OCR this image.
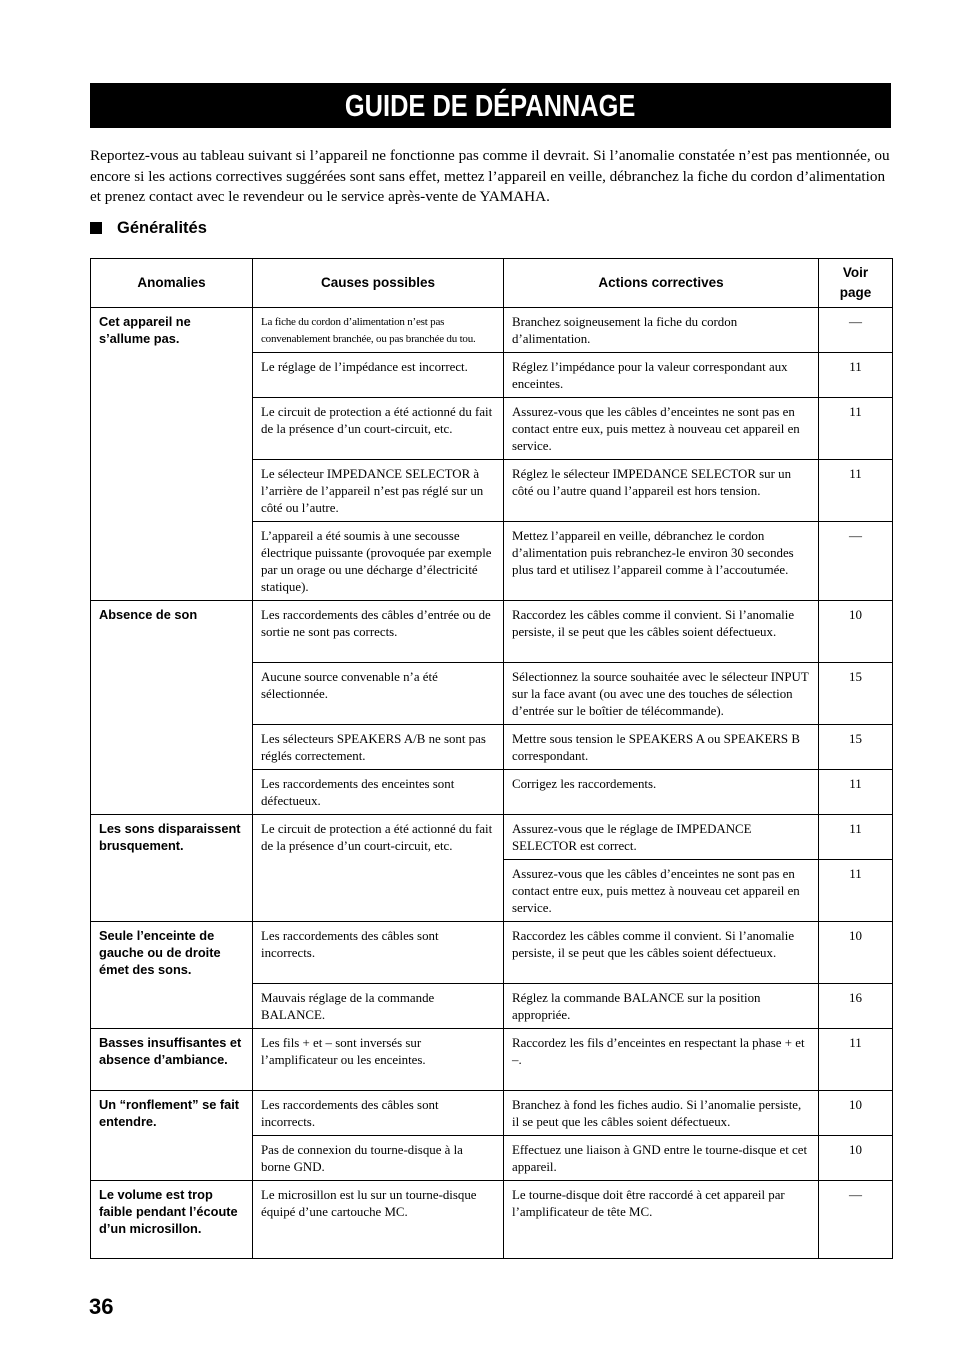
GUIDE DE DÉPANNAGE

Reportez-vous au tableau suivant si l’appareil ne fonctionne pas comme il devrait. Si l’anomalie constatée n’est pas mentionnée, ou encore si les actions correctives suggérées sont sans effet, mettez l’appareil en veille, débranchez la fiche du cordon d’alimentation et prenez contact avec le revendeur ou le service après-vente de YAMAHA.

Généralités
Anomalies	Causes possibles	Actions correctives	Voir
page
Cet appareil ne s’allume pas.	La fiche du cordon d’alimentation n’est pas convenablement branchée, ou pas branchée du tou.	Branchez soigneusement la fiche du cordon d’alimentation.	—
	Le réglage de l’impédance est incorrect.	Réglez l’impédance pour la valeur correspondant aux enceintes.	11
	Le circuit de protection a été actionné du fait de la présence d’un court-circuit, etc.	Assurez-vous que les câbles d’enceintes ne sont pas en contact entre eux, puis mettez à nouveau cet appareil en service.	11
	Le sélecteur IMPEDANCE SELECTOR à l’arrière de l’appareil n’est pas réglé sur un côté ou l’autre.	Réglez le sélecteur IMPEDANCE SELECTOR sur un côté ou l’autre quand l’appareil est hors tension.	11
	L’appareil a été soumis à une secousse électrique puissante (provoquée par exemple par un orage ou une décharge d’électricité statique).	Mettez l’appareil en veille, débranchez le cordon d’alimentation puis rebranchez-le environ 30 secondes plus tard et utilisez l’appareil comme à l’accoutumée.	—
Absence de son	Les raccordements des câbles d’entrée ou de sortie ne sont pas corrects.	Raccordez les câbles comme il convient. Si l’anomalie persiste, il se peut que les câbles soient défectueux.	10
	Aucune source convenable n’a été sélectionnée.	Sélectionnez la source souhaitée avec le sélecteur INPUT sur la face avant (ou avec une des touches de sélection d’entrée sur le boîtier de télécommande).	15
	Les sélecteurs SPEAKERS A/B ne sont pas réglés correctement.	Mettre sous tension le SPEAKERS A ou SPEAKERS B correspondant.	15
	Les raccordements des enceintes sont défectueux.	Corrigez les raccordements.	11
Les sons disparaissent brusquement.	Le circuit de protection a été actionné du fait de la présence d’un court-circuit, etc.	Assurez-vous que le réglage de IMPEDANCE SELECTOR est correct.	11
		Assurez-vous que les câbles d’enceintes ne sont pas en contact entre eux, puis mettez à nouveau cet appareil en service.	11
Seule l’enceinte de gauche ou de droite émet des sons.	Les raccordements des câbles sont incorrects.	Raccordez les câbles comme il convient. Si l’anomalie persiste, il se peut que les câbles soient défectueux.	10
	Mauvais réglage de la commande BALANCE.	Réglez la commande BALANCE sur la position appropriée.	16
Basses insuffisantes et absence d’ambiance.	Les fils + et – sont inversés sur l’amplificateur ou les enceintes.	Raccordez les fils d’enceintes en respectant la phase + et –.	11
Un “ronflement” se fait entendre.	Les raccordements des câbles sont incorrects.	Branchez à fond les fiches audio. Si l’anomalie persiste, il se peut que les câbles soient défectueux.	10
	Pas de connexion du tourne-disque à la borne GND.	Effectuez une liaison à GND entre le tourne-disque et cet appareil.	10
Le volume est trop faible pendant l’écoute d’un microsillon.	Le microsillon est lu sur un tourne-disque équipé d’une cartouche MC.	Le tourne-disque doit être raccordé à cet appareil par l’amplificateur de tête MC.	—
36
